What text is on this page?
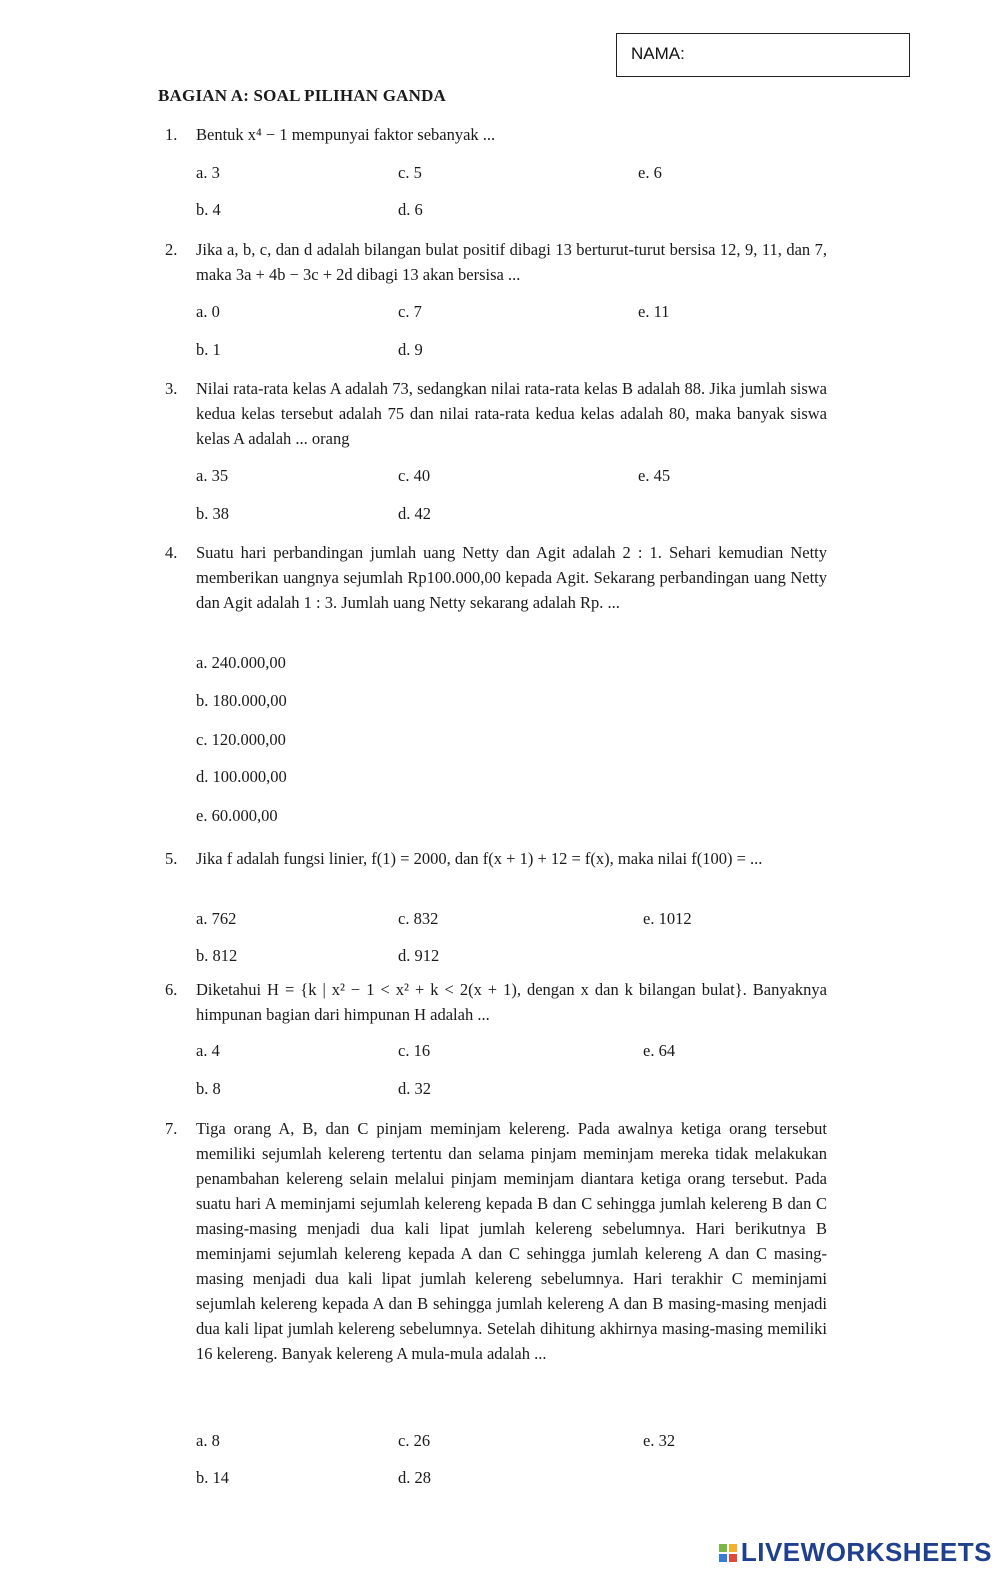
NAMA:
BAGIAN A: SOAL PILIHAN GANDA
1. Bentuk x⁴ − 1 mempunyai faktor sebanyak ...
a. 3	c. 5	e. 6
b. 4	d. 6
2. Jika a, b, c, dan d adalah bilangan bulat positif dibagi 13 berturut-turut bersisa 12, 9, 11, dan 7, maka 3a + 4b − 3c + 2d dibagi 13 akan bersisa ...
a. 0	c. 7	e. 11
b. 1	d. 9
3. Nilai rata-rata kelas A adalah 73, sedangkan nilai rata-rata kelas B adalah 88. Jika jumlah siswa kedua kelas tersebut adalah 75 dan nilai rata-rata kedua kelas adalah 80, maka banyak siswa kelas A adalah ... orang
a. 35	c. 40	e. 45
b. 38	d. 42
4. Suatu hari perbandingan jumlah uang Netty dan Agit adalah 2 : 1. Sehari kemudian Netty memberikan uangnya sejumlah Rp100.000,00 kepada Agit. Sekarang perbandingan uang Netty dan Agit adalah 1 : 3. Jumlah uang Netty sekarang adalah Rp. ...
a. 240.000,00
b. 180.000,00
c. 120.000,00
d. 100.000,00
e. 60.000,00
5. Jika f adalah fungsi linier, f(1) = 2000, dan f(x + 1) + 12 = f(x), maka nilai f(100) = ...
a. 762	c. 832	e. 1012
b. 812	d. 912
6. Diketahui H = {k | x² − 1 < x² + k < 2(x + 1), dengan x dan k bilangan bulat}. Banyaknya himpunan bagian dari himpunan H adalah ...
a. 4	c. 16	e. 64
b. 8	d. 32
7. Tiga orang A, B, dan C pinjam meminjam kelereng. Pada awalnya ketiga orang tersebut memiliki sejumlah kelereng tertentu dan selama pinjam meminjam mereka tidak melakukan penambahan kelereng selain melalui pinjam meminjam diantara ketiga orang tersebut. Pada suatu hari A meminjami sejumlah kelereng kepada B dan C sehingga jumlah kelereng B dan C masing-masing menjadi dua kali lipat jumlah kelereng sebelumnya. Hari berikutnya B meminjami sejumlah kelereng kepada A dan C sehingga jumlah kelereng A dan C masing-masing menjadi dua kali lipat jumlah kelereng sebelumnya. Hari terakhir C meminjami sejumlah kelereng kepada A dan B sehingga jumlah kelereng A dan B masing-masing menjadi dua kali lipat jumlah kelereng sebelumnya. Setelah dihitung akhirnya masing-masing memiliki 16 kelereng. Banyak kelereng A mula-mula adalah ...
a. 8	c. 26	e. 32
b. 14	d. 28
LIVEWORKSHEETS
